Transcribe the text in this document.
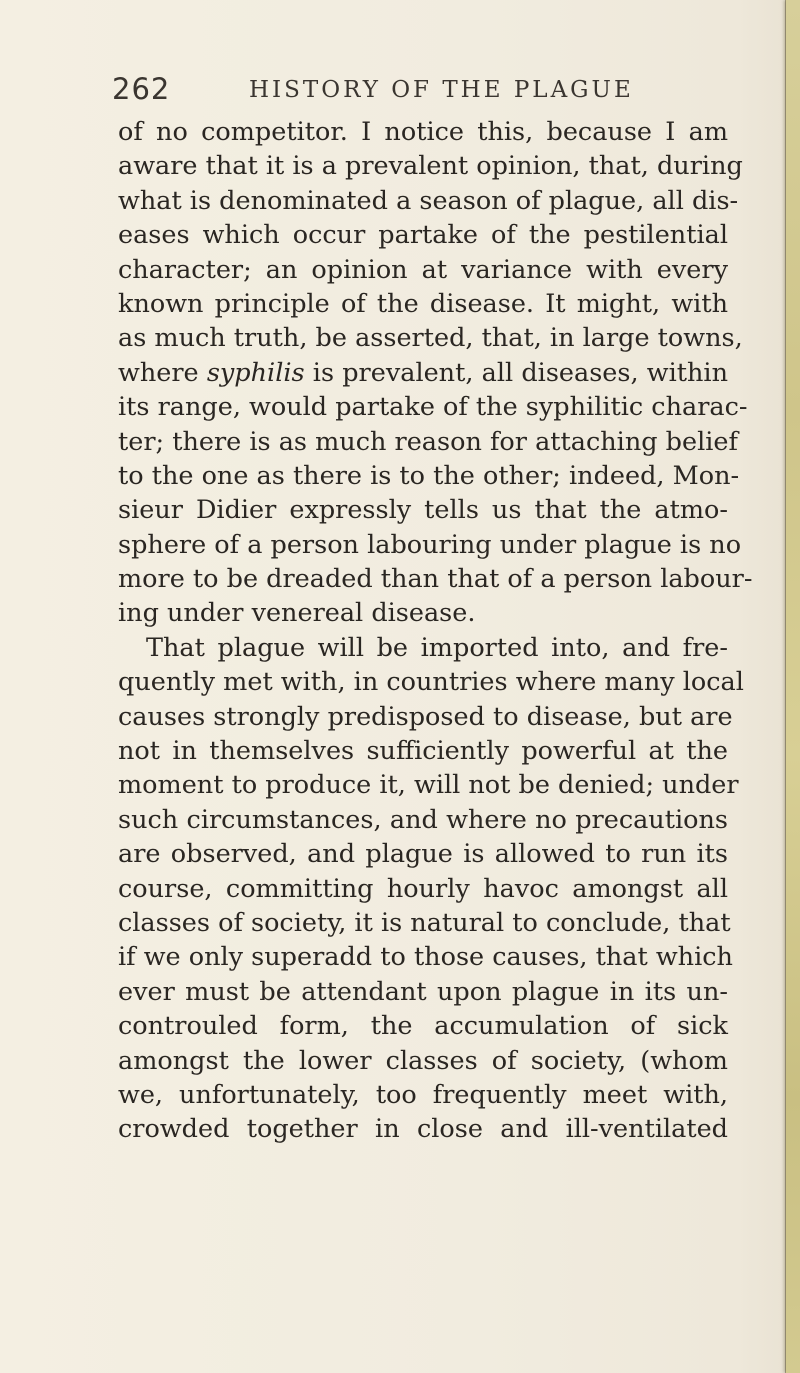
262	HISTORY OF THE PLAGUE
of no competitor. I notice this, because I am
aware that it is a prevalent opinion, that, during
what is denominated a season of plague, all dis-
eases which occur partake of the pestilential
character; an opinion at variance with every
known principle of the disease. It might, with
as much truth, be asserted, that, in large towns,
where syphilis is prevalent, all diseases, within
its range, would partake of the syphilitic charac-
ter; there is as much reason for attaching belief
to the one as there is to the other; indeed, Mon-
sieur Didier expressly tells us that the atmo-
sphere of a person labouring under plague is no
more to be dreaded than that of a person labour-
ing under venereal disease.
That plague will be imported into, and fre-
quently met with, in countries where many local
causes strongly predisposed to disease, but are
not in themselves sufficiently powerful at the
moment to produce it, will not be denied; under
such circumstances, and where no precautions
are observed, and plague is allowed to run its
course, committing hourly havoc amongst all
classes of society, it is natural to conclude, that
if we only superadd to those causes, that which
ever must be attendant upon plague in its un-
controuled form, the accumulation of sick
amongst the lower classes of society, (whom
we, unfortunately, too frequently meet with,
crowded together in close and ill-ventilated
